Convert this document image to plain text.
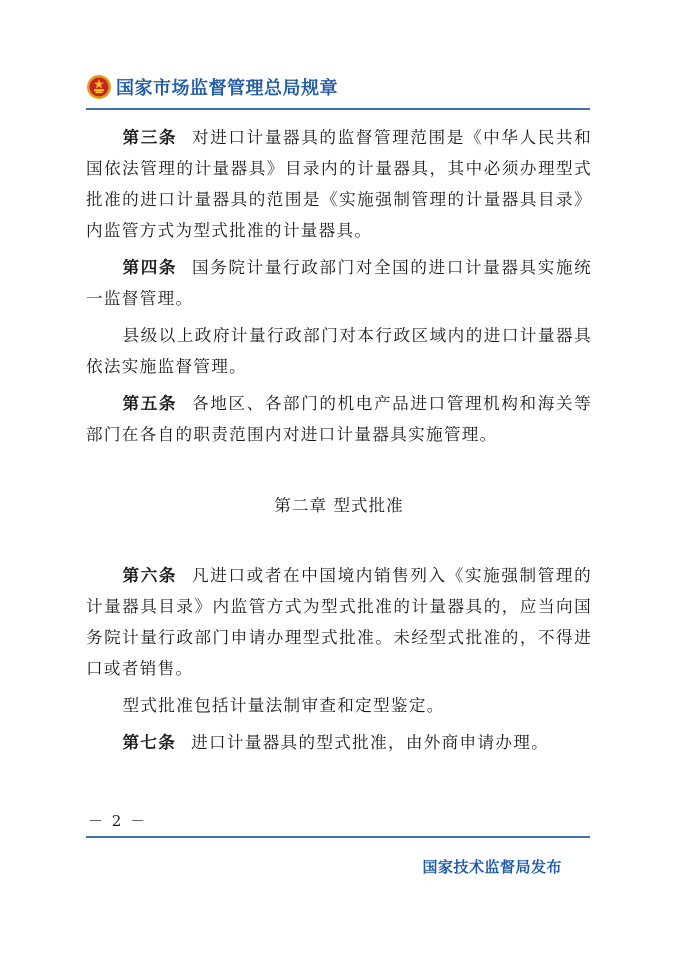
国家市场监督管理总局规章

第三条 对进口计量器具的监督管理范围是《中华人民共和国依法管理的计量器具》目录内的计量器具，其中必须办理型式批准的进口计量器具的范围是《实施强制管理的计量器具目录》内监管方式为型式批准的计量器具。

第四条 国务院计量行政部门对全国的进口计量器具实施统一监督管理。

县级以上政府计量行政部门对本行政区域内的进口计量器具依法实施监督管理。

第五条 各地区、各部门的机电产品进口管理机构和海关等部门在各自的职责范围内对进口计量器具实施管理。

第二章 型式批准

第六条 凡进口或者在中国境内销售列入《实施强制管理的计量器具目录》内监管方式为型式批准的计量器具的，应当向国务院计量行政部门申请办理型式批准。未经型式批准的，不得进口或者销售。

型式批准包括计量法制审查和定型鉴定。

第七条 进口计量器具的型式批准，由外商申请办理。

－ 2 －
国家技术监督局发布
